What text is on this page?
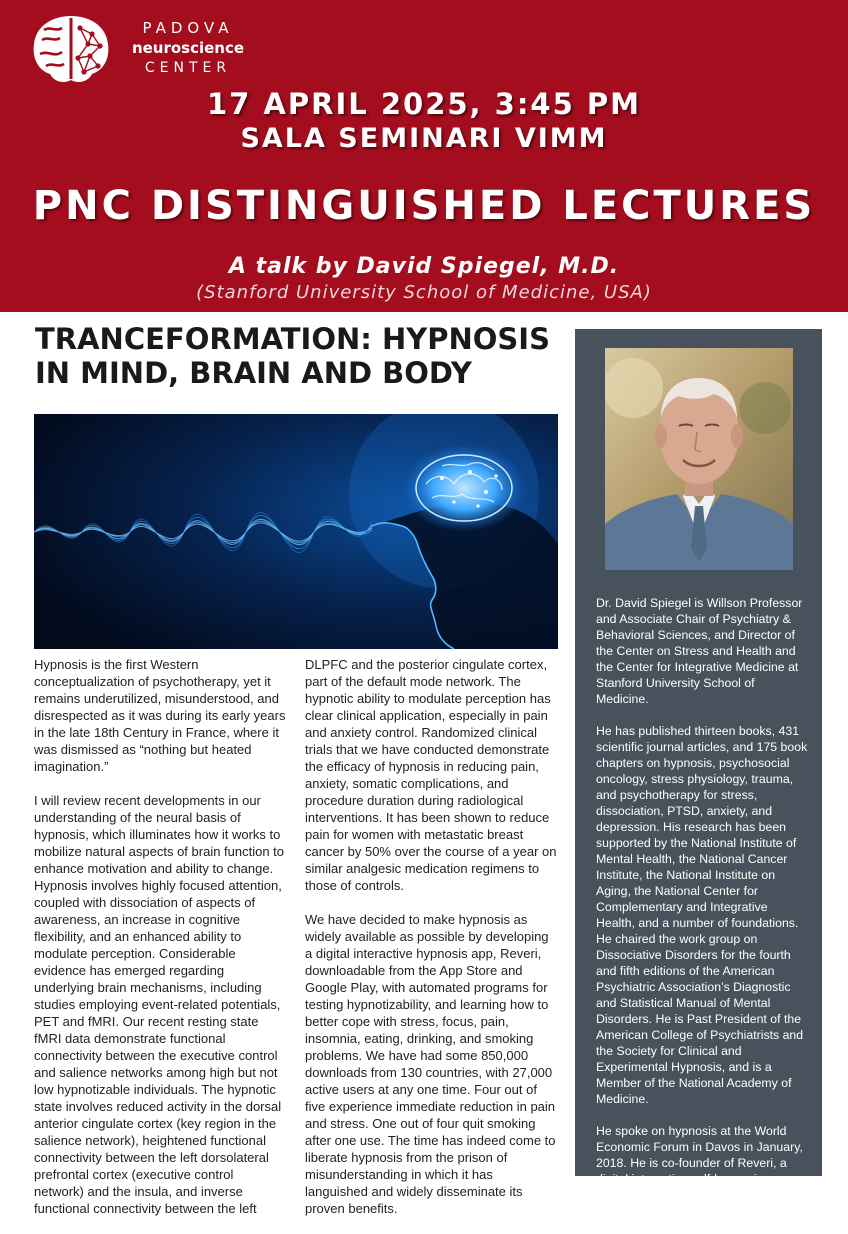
PADOVA
neuroscience
CENTER
17 APRIL 2025, 3:45 PM
SALA SEMINARI VIMM
PNC DISTINGUISHED LECTURES
A talk by David Spiegel, M.D.
(Stanford University School of Medicine, USA)
TRANCEFORMATION: HYPNOSIS IN MIND, BRAIN AND BODY

Hypnosis is the first Western conceptualization of psychotherapy, yet it remains underutilized, misunderstood, and disrespected as it was during its early years in the late 18th Century in France, where it was dismissed as “nothing but heated imagination.”

I will review recent developments in our understanding of the neural basis of hypnosis, which illuminates how it works to mobilize natural aspects of brain function to enhance motivation and ability to change. Hypnosis involves highly focused attention, coupled with dissociation of aspects of awareness, an increase in cognitive flexibility, and an enhanced ability to modulate perception. Considerable evidence has emerged regarding underlying brain mechanisms, including studies employing event-related potentials, PET and fMRI. Our recent resting state fMRI data demonstrate functional connectivity between the executive control and salience networks among high but not low hypnotizable individuals. The hypnotic state involves reduced activity in the dorsal anterior cingulate cortex (key region in the salience network), heightened functional connectivity between the left dorsolateral prefrontal cortex (executive control network) and the insula, and inverse functional connectivity between the left

DLPFC and the posterior cingulate cortex, part of the default mode network. The hypnotic ability to modulate perception has clear clinical application, especially in pain and anxiety control. Randomized clinical trials that we have conducted demonstrate the efficacy of hypnosis in reducing pain, anxiety, somatic complications, and procedure duration during radiological interventions. It has been shown to reduce pain for women with metastatic breast cancer by 50% over the course of a year on similar analgesic medication regimens to those of controls.

We have decided to make hypnosis as widely available as possible by developing a digital interactive hypnosis app, Reveri, downloadable from the App Store and Google Play, with automated programs for testing hypnotizability, and learning how to better cope with stress, focus, pain, insomnia, eating, drinking, and smoking problems. We have had some 850,000 downloads from 130 countries, with 27,000 active users at any one time. Four out of five experience immediate reduction in pain and stress. One out of four quit smoking after one use. The time has indeed come to liberate hypnosis from the prison of misunderstanding in which it has languished and widely disseminate its proven benefits.

Dr. David Spiegel is Willson Professor and Associate Chair of Psychiatry & Behavioral Sciences, and Director of the Center on Stress and Health and the Center for Integrative Medicine at Stanford University School of Medicine.

He has published thirteen books, 431 scientific journal articles, and 175 book chapters on hypnosis, psychosocial oncology, stress physiology, trauma, and psychotherapy for stress, dissociation, PTSD, anxiety, and depression. His research has been supported by the National Institute of Mental Health, the National Cancer Institute, the National Institute on Aging, the National Center for Complementary and Integrative Health, and a number of foundations. He chaired the work group on Dissociative Disorders for the fourth and fifth editions of the American Psychiatric Association’s Diagnostic and Statistical Manual of Mental Disorders. He is Past President of the American College of Psychiatrists and the Society for Clinical and Experimental Hypnosis, and is a Member of the National Academy of Medicine.

He spoke on hypnosis at the World Economic Forum in Davos in January, 2018. He is co-founder of Reveri, a digital interactive self-hypnosis app.
